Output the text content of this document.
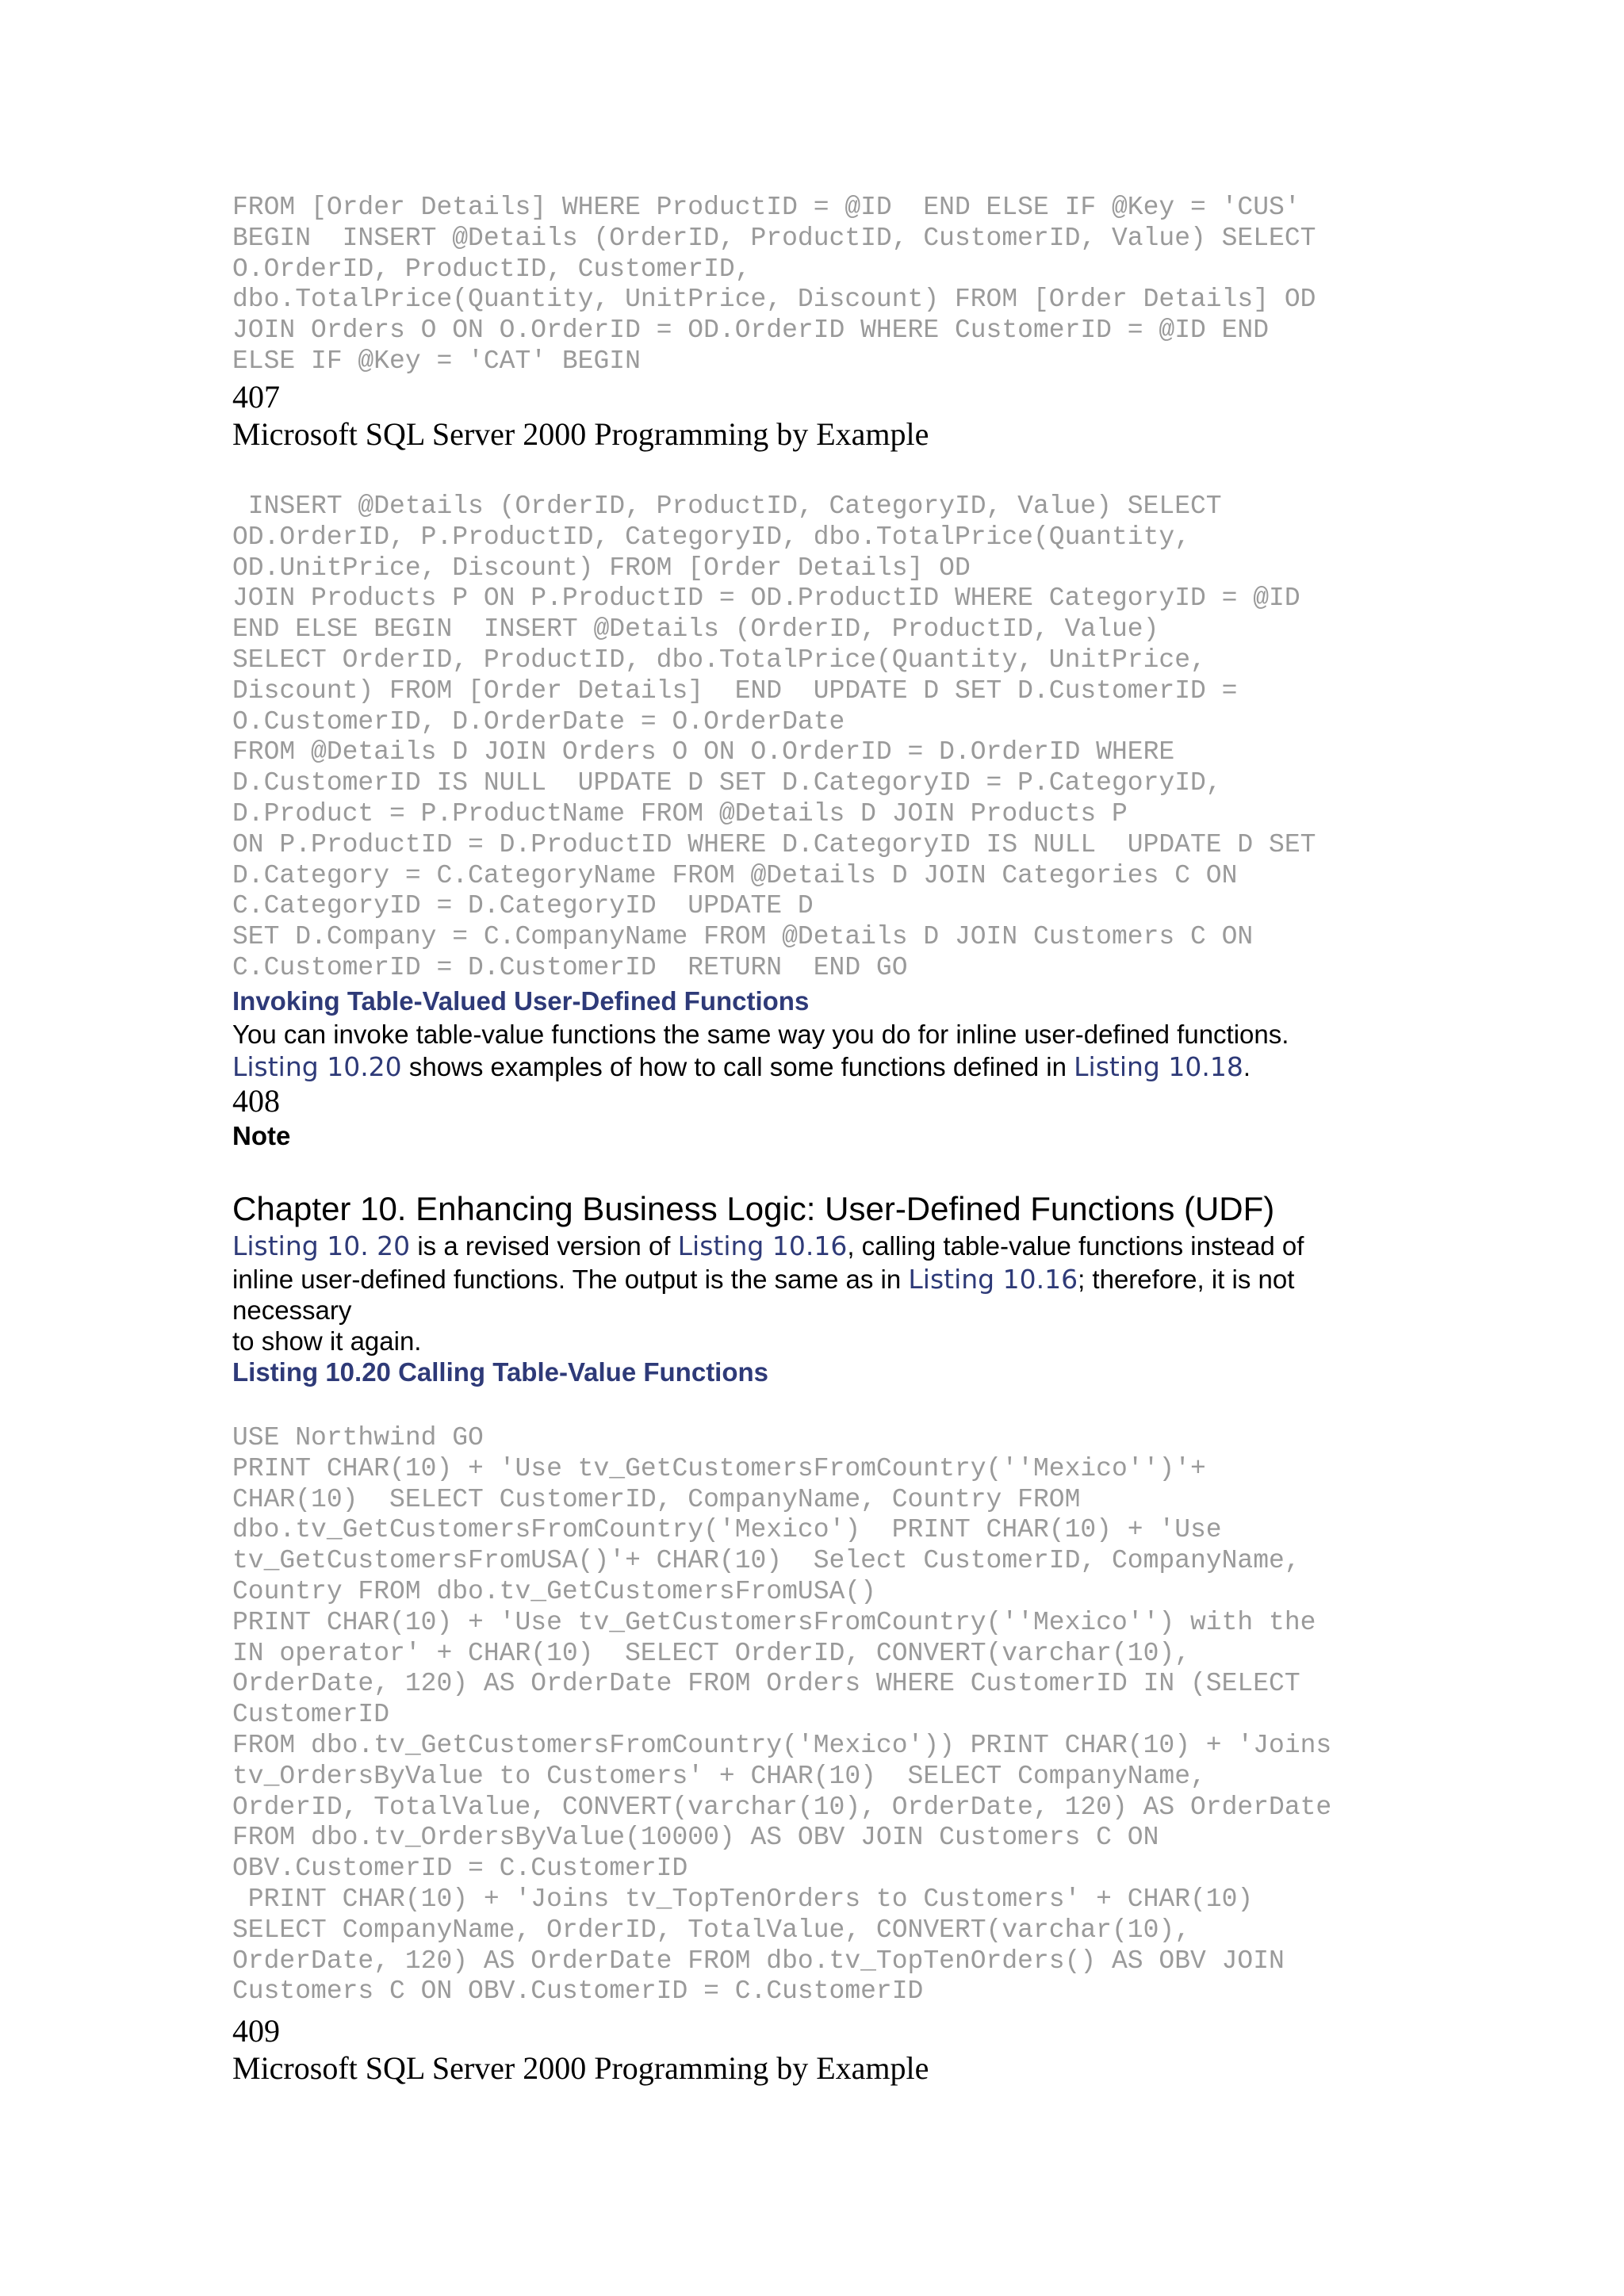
FROM [Order Details] WHERE ProductID = @ID  END ELSE IF @Key = 'CUS'
BEGIN  INSERT @Details (OrderID, ProductID, CustomerID, Value) SELECT
O.OrderID, ProductID, CustomerID,
dbo.TotalPrice(Quantity, UnitPrice, Discount) FROM [Order Details] OD
JOIN Orders O ON O.OrderID = OD.OrderID WHERE CustomerID = @ID END
ELSE IF @Key = 'CAT' BEGIN
407
Microsoft SQL Server 2000 Programming by Example
INSERT @Details (OrderID, ProductID, CategoryID, Value) SELECT
OD.OrderID, P.ProductID, CategoryID, dbo.TotalPrice(Quantity,
OD.UnitPrice, Discount) FROM [Order Details] OD
JOIN Products P ON P.ProductID = OD.ProductID WHERE CategoryID = @ID
END ELSE BEGIN  INSERT @Details (OrderID, ProductID, Value)
SELECT OrderID, ProductID, dbo.TotalPrice(Quantity, UnitPrice,
Discount) FROM [Order Details]  END  UPDATE D SET D.CustomerID =
O.CustomerID, D.OrderDate = O.OrderDate
FROM @Details D JOIN Orders O ON O.OrderID = D.OrderID WHERE
D.CustomerID IS NULL  UPDATE D SET D.CategoryID = P.CategoryID,
D.Product = P.ProductName FROM @Details D JOIN Products P
ON P.ProductID = D.ProductID WHERE D.CategoryID IS NULL  UPDATE D SET
D.Category = C.CategoryName FROM @Details D JOIN Categories C ON
C.CategoryID = D.CategoryID  UPDATE D
SET D.Company = C.CompanyName FROM @Details D JOIN Customers C ON
C.CustomerID = D.CustomerID  RETURN  END GO
Invoking Table-Valued User-Defined Functions
You can invoke table-value functions the same way you do for inline user-defined functions.
Listing 10.20 shows examples of how to call some functions defined in Listing 10.18.
408
Note
Chapter 10. Enhancing Business Logic: User-Defined Functions (UDF)
Listing 10. 20 is a revised version of Listing 10.16, calling table-value functions instead of
inline user-defined functions. The output is the same as in Listing 10.16; therefore, it is not
necessary
to show it again.
Listing 10.20 Calling Table-Value Functions
USE Northwind GO
PRINT CHAR(10) + 'Use tv_GetCustomersFromCountry(''Mexico'')'+
CHAR(10)  SELECT CustomerID, CompanyName, Country FROM
dbo.tv_GetCustomersFromCountry('Mexico')  PRINT CHAR(10) + 'Use
tv_GetCustomersFromUSA()'+ CHAR(10)  Select CustomerID, CompanyName,
Country FROM dbo.tv_GetCustomersFromUSA()
PRINT CHAR(10) + 'Use tv_GetCustomersFromCountry(''Mexico'') with the
IN operator' + CHAR(10)  SELECT OrderID, CONVERT(varchar(10),
OrderDate, 120) AS OrderDate FROM Orders WHERE CustomerID IN (SELECT
CustomerID
FROM dbo.tv_GetCustomersFromCountry('Mexico')) PRINT CHAR(10) + 'Joins
tv_OrdersByValue to Customers' + CHAR(10)  SELECT CompanyName,
OrderID, TotalValue, CONVERT(varchar(10), OrderDate, 120) AS OrderDate
FROM dbo.tv_OrdersByValue(10000) AS OBV JOIN Customers C ON
OBV.CustomerID = C.CustomerID
PRINT CHAR(10) + 'Joins tv_TopTenOrders to Customers' + CHAR(10)
SELECT CompanyName, OrderID, TotalValue, CONVERT(varchar(10),
OrderDate, 120) AS OrderDate FROM dbo.tv_TopTenOrders() AS OBV JOIN
Customers C ON OBV.CustomerID = C.CustomerID
409
Microsoft SQL Server 2000 Programming by Example
